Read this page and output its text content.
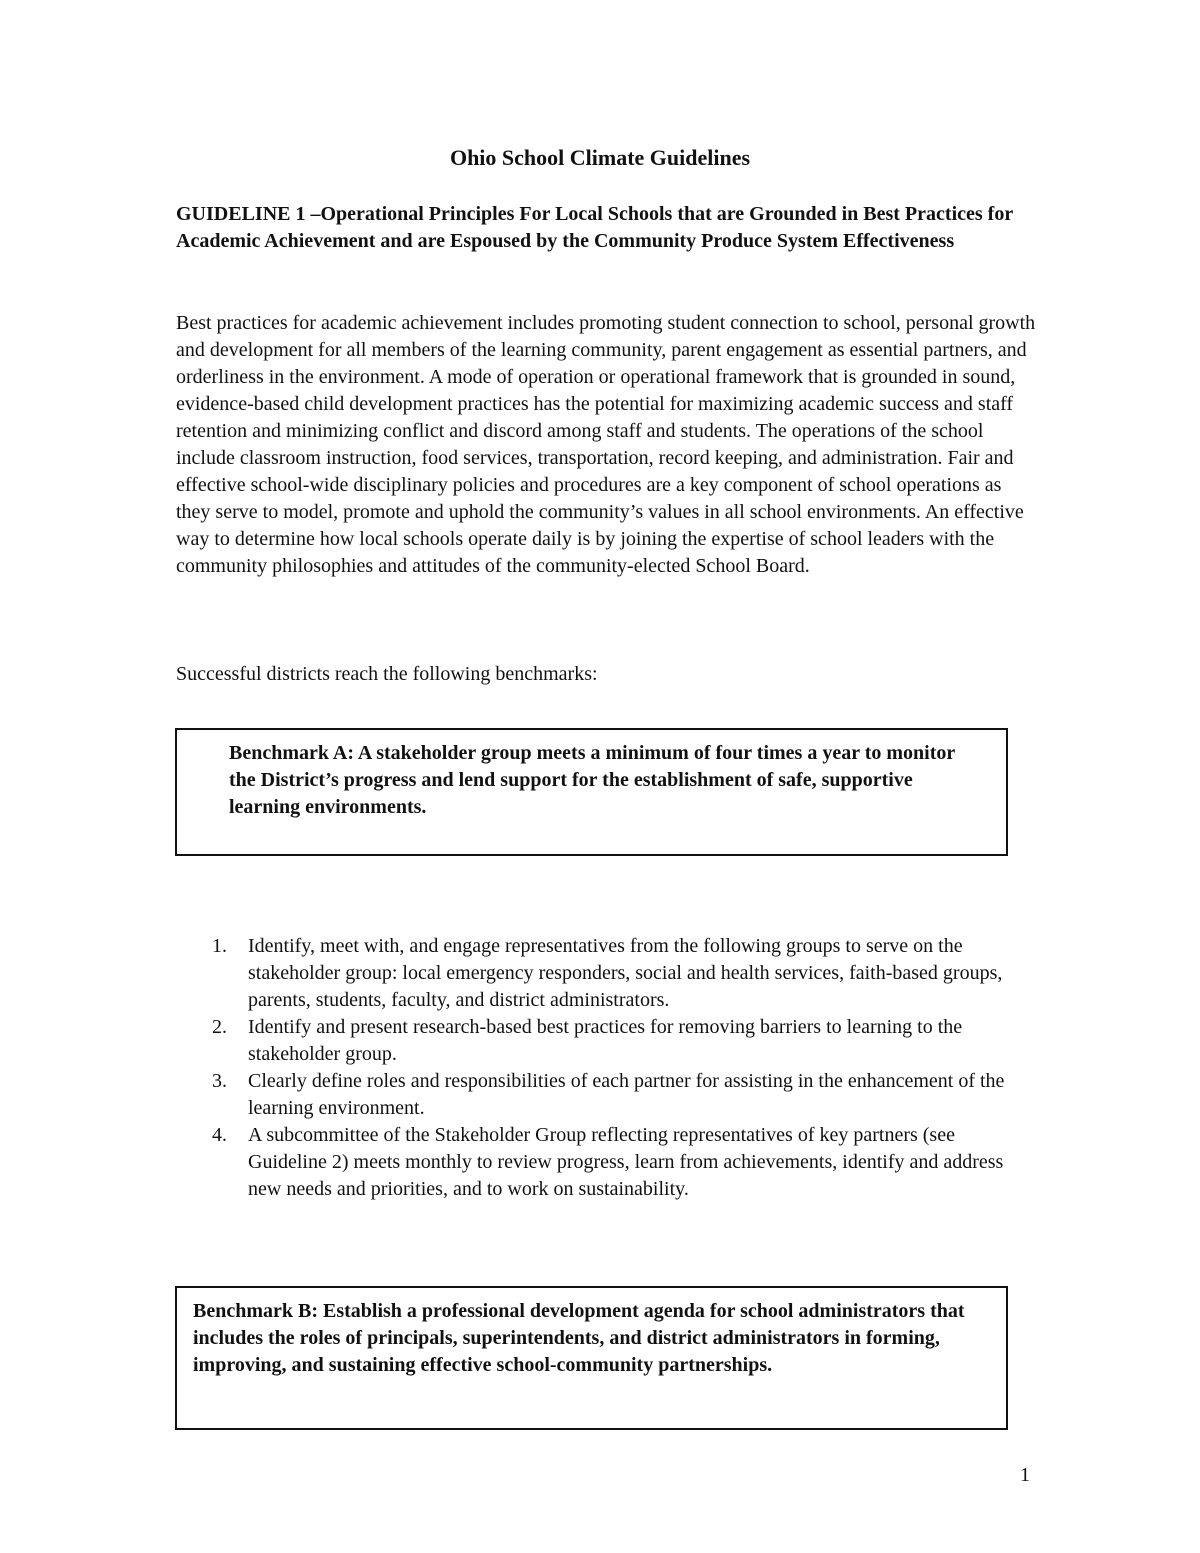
Ohio School Climate Guidelines
GUIDELINE 1 –Operational Principles For Local Schools that are Grounded in Best Practices for Academic Achievement and are Espoused by the Community Produce System Effectiveness
Best practices for academic achievement includes promoting student connection to school, personal growth and development for all members of the learning community, parent engagement as essential partners, and orderliness in the environment. A mode of operation or operational framework that is grounded in sound, evidence-based child development practices has the potential for maximizing academic success and staff retention and minimizing conflict and discord among staff and students. The operations of the school include classroom instruction, food services, transportation, record keeping, and administration. Fair and effective school-wide disciplinary policies and procedures are a key component of school operations as they serve to model, promote and uphold the community’s values in all school environments. An effective way to determine how local schools operate daily is by joining the expertise of school leaders with the community philosophies and attitudes of the community-elected School Board.
Successful districts reach the following benchmarks:
Benchmark A: A stakeholder group meets a minimum of four times a year to monitor the District’s progress and lend support for the establishment of safe, supportive learning environments.
1. Identify, meet with, and engage representatives from the following groups to serve on the stakeholder group: local emergency responders, social and health services, faith-based groups, parents, students, faculty, and district administrators.
2. Identify and present research-based best practices for removing barriers to learning to the stakeholder group.
3. Clearly define roles and responsibilities of each partner for assisting in the enhancement of the learning environment.
4. A subcommittee of the Stakeholder Group reflecting representatives of key partners (see Guideline 2) meets monthly to review progress, learn from achievements, identify and address new needs and priorities, and to work on sustainability.
Benchmark B: Establish a professional development agenda for school administrators that includes the roles of principals, superintendents, and district administrators in forming, improving, and sustaining effective school-community partnerships.
1
